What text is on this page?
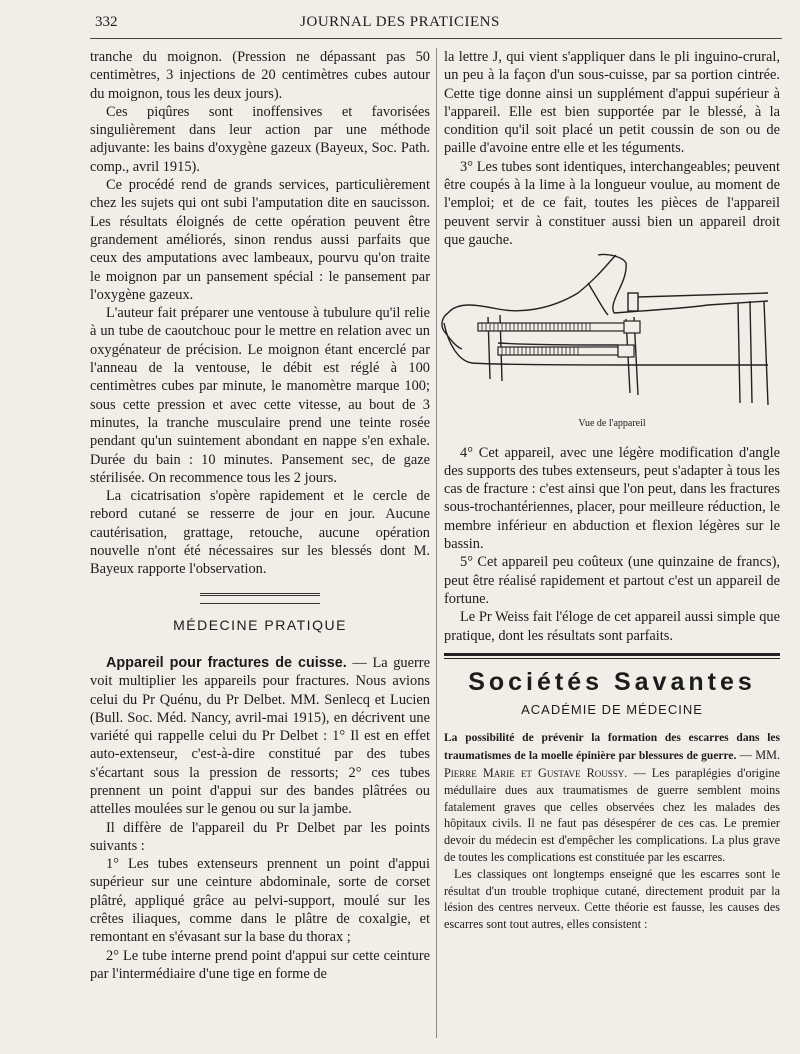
332	JOURNAL DES PRATICIENS

tranche du moignon. (Pression ne dépassant pas 50 centimètres, 3 injections de 20 centimètres cubes autour du moignon, tous les deux jours).

Ces piqûres sont inoffensives et favorisées singulièrement dans leur action par une méthode adjuvante: les bains d'oxygène gazeux (Bayeux, Soc. Path. comp., avril 1915).

Ce procédé rend de grands services, particulièrement chez les sujets qui ont subi l'amputation dite en saucisson. Les résultats éloignés de cette opération peuvent être grandement améliorés, sinon rendus aussi parfaits que ceux des amputations avec lambeaux, pourvu qu'on traite le moignon par un pansement spécial : le pansement par l'oxygène gazeux.

L'auteur fait préparer une ventouse à tubulure qu'il relie à un tube de caoutchouc pour le mettre en relation avec un oxygénateur de précision. Le moignon étant encerclé par l'anneau de la ventouse, le débit est réglé à 100 centimètres cubes par minute, le manomètre marque 100; sous cette pression et avec cette vitesse, au bout de 3 minutes, la tranche musculaire prend une teinte rosée pendant qu'un suintement abondant en nappe s'en exhale. Durée du bain : 10 minutes. Pansement sec, de gaze stérilisée. On recommence tous les 2 jours.

La cicatrisation s'opère rapidement et le cercle de rebord cutané se resserre de jour en jour. Aucune cautérisation, grattage, retouche, aucune opération nouvelle n'ont été nécessaires sur les blessés dont M. Bayeux rapporte l'observation.

MÉDECINE PRATIQUE

Appareil pour fractures de cuisse. — La guerre voit multiplier les appareils pour fractures. Nous avions celui du Pr Quénu, du Pr Delbet. MM. Senlecq et Lucien (Bull. Soc. Méd. Nancy, avril-mai 1915), en décrivent une variété qui rappelle celui du Pr Delbet : 1° Il est en effet auto-extenseur, c'est-à-dire constitué par des tubes s'écartant sous la pression de ressorts; 2° ces tubes prennent un point d'appui sur des bandes plâtrées ou attelles moulées sur le genou ou sur la jambe.

Il diffère de l'appareil du Pr Delbet par les points suivants :

1° Les tubes extenseurs prennent un point d'appui supérieur sur une ceinture abdominale, sorte de corset plâtré, appliqué grâce au pelvi-support, moulé sur les crêtes iliaques, comme dans le plâtre de coxalgie, et remontant en s'évasant sur la base du thorax ;

2° Le tube interne prend point d'appui sur cette ceinture par l'intermédiaire d'une tige en forme de

la lettre J, qui vient s'appliquer dans le pli inguino-crural, un peu à la façon d'un sous-cuisse, par sa portion cintrée. Cette tige donne ainsi un supplément d'appui supérieur à l'appareil. Elle est bien supportée par le blessé, à la condition qu'il soit placé un petit coussin de son ou de paille d'avoine entre elle et les téguments.

3° Les tubes sont identiques, interchangeables; peuvent être coupés à la lime à la longueur voulue, au moment de l'emploi; et de ce fait, toutes les pièces de l'appareil peuvent servir à constituer aussi bien un appareil droit que gauche.

Vue de l'appareil

4° Cet appareil, avec une légère modification d'angle des supports des tubes extenseurs, peut s'adapter à tous les cas de fracture : c'est ainsi que l'on peut, dans les fractures sous-trochantériennes, placer, pour meilleure réduction, le membre inférieur en abduction et flexion légères sur le bassin.

5° Cet appareil peu coûteux (une quinzaine de francs), peut être réalisé rapidement et partout c'est un appareil de fortune.

Le Pr Weiss fait l'éloge de cet appareil aussi simple que pratique, dont les résultats sont parfaits.

Sociétés Savantes
ACADÉMIE DE MÉDECINE

La possibilité de prévenir la formation des escarres dans les traumatismes de la moelle épinière par blessures de guerre. — MM. Pierre Marie et Gustave Roussy. — Les paraplégies d'origine médullaire dues aux traumatismes de guerre semblent moins fatalement graves que celles observées chez les malades des hôpitaux civils. Il ne faut pas désespérer de ces cas. Le premier devoir du médecin est d'empêcher les complications. La plus grave de toutes les complications est constituée par les escarres.

Les classiques ont longtemps enseigné que les escarres sont le résultat d'un trouble trophique cutané, directement produit par la lésion des centres nerveux. Cette théorie est fausse, les causes des escarres sont tout autres, elles consistent :
